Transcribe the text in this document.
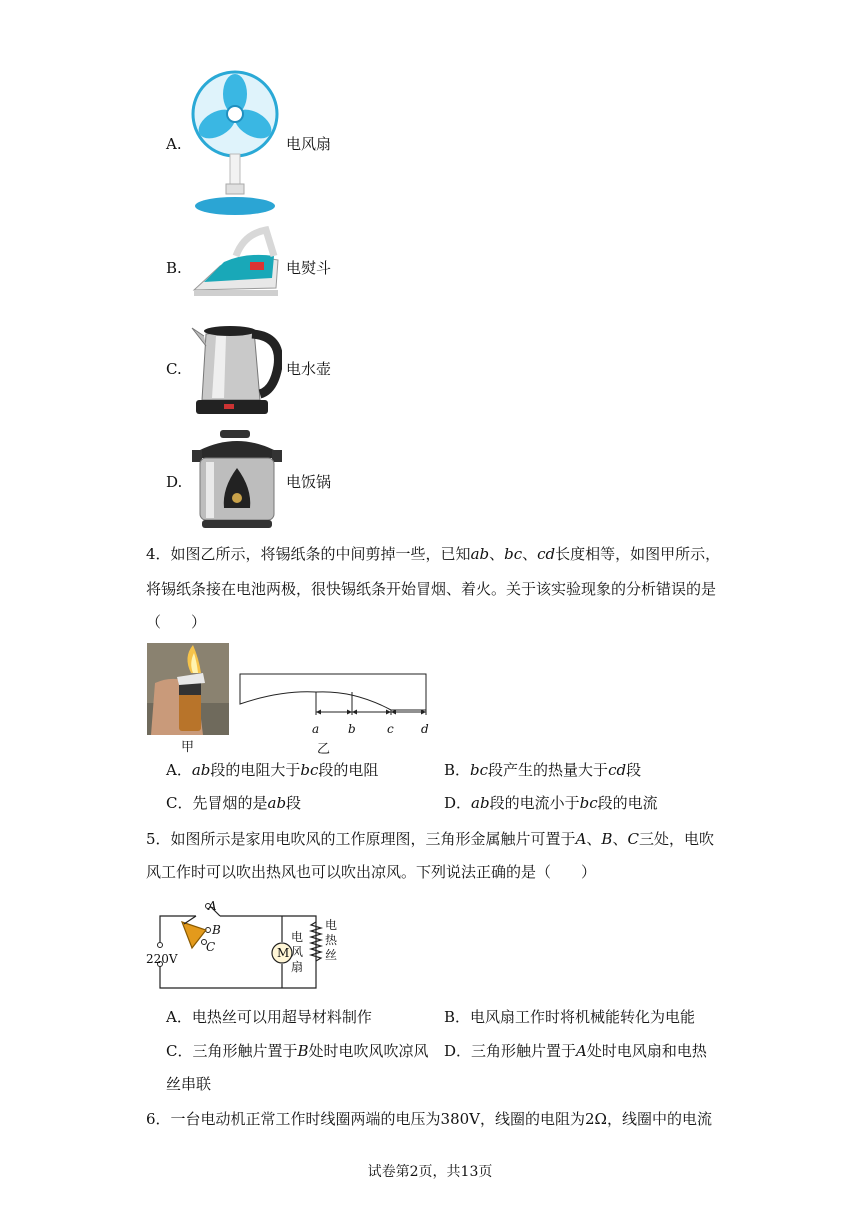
A.	电风扇
B.	电熨斗
C.	电水壶
D.	电饭锅
4．如图乙所示，将锡纸条的中间剪掉一些，已知ab、bc、cd长度相等，如图甲所示，
将锡纸条接在电池两极，很快锡纸条开始冒烟、着火。关于该实验现象的分析错误的是
（　　）
甲
a b	c d
乙
A．ab段的电阻大于bc段的电阻	B．bc段产生的热量大于cd段
C．先冒烟的是ab段	D．ab段的电流小于bc段的电流
5．如图所示是家用电吹风的工作原理图，三角形金属触片可置于A、B、C三处，电吹
风工作时可以吹出热风也可以吹出凉风。下列说法正确的是（　　）
A
B
C
220V	M
电
风
扇
电
热
丝
A．电热丝可以用超导材料制作	B．电风扇工作时将机械能转化为电能
C．三角形触片置于B处时电吹风吹凉风 D．三角形触片置于A处时电风扇和电热
丝串联
6．一台电动机正常工作时线圈两端的电压为380V，线圈的电阻为2Ω，线圈中的电流
试卷第2页，共13页
